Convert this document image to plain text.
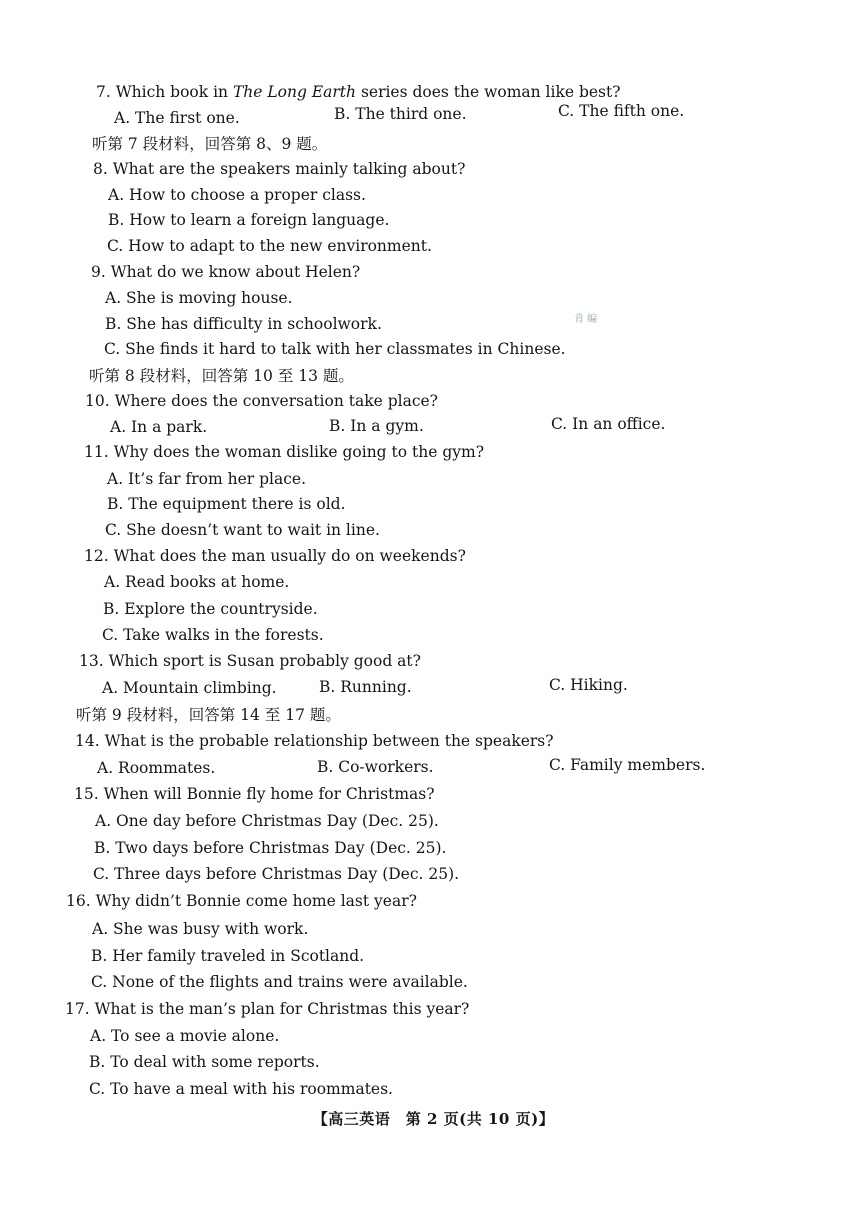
7. Which book in The Long Earth series does the woman like best?
A. The first one.	B. The third one.	C. The fifth one.
听第 7 段材料，回答第 8、9 题。
8. What are the speakers mainly talking about?
A. How to choose a proper class.
B. How to learn a foreign language.
C. How to adapt to the new environment.
9. What do we know about Helen?
A. She is moving house.
B. She has difficulty in schoolwork.	肯 编
C. She finds it hard to talk with her classmates in Chinese.
听第 8 段材料，回答第 10 至 13 题。
10. Where does the conversation take place?
A. In a park.	B. In a gym.	C. In an office.
11. Why does the woman dislike going to the gym?
A. It’s far from her place.
B. The equipment there is old.
C. She doesn’t want to wait in line.
12. What does the man usually do on weekends?
A. Read books at home.
B. Explore the countryside.
C. Take walks in the forests.
13. Which sport is Susan probably good at?
A. Mountain climbing.	B. Running.	C. Hiking.
听第 9 段材料，回答第 14 至 17 题。
14. What is the probable relationship between the speakers?
A. Roommates.	B. Co-workers.	C. Family members.
15. When will Bonnie fly home for Christmas?
A. One day before Christmas Day (Dec. 25).
B. Two days before Christmas Day (Dec. 25).
C. Three days before Christmas Day (Dec. 25).
16. Why didn’t Bonnie come home last year?
A. She was busy with work.
B. Her family traveled in Scotland.
C. None of the flights and trains were available.
17. What is the man’s plan for Christmas this year?
A. To see a movie alone.
B. To deal with some reports.
C. To have a meal with his roommates.
【高三英语　第 2 页(共 10 页)】
